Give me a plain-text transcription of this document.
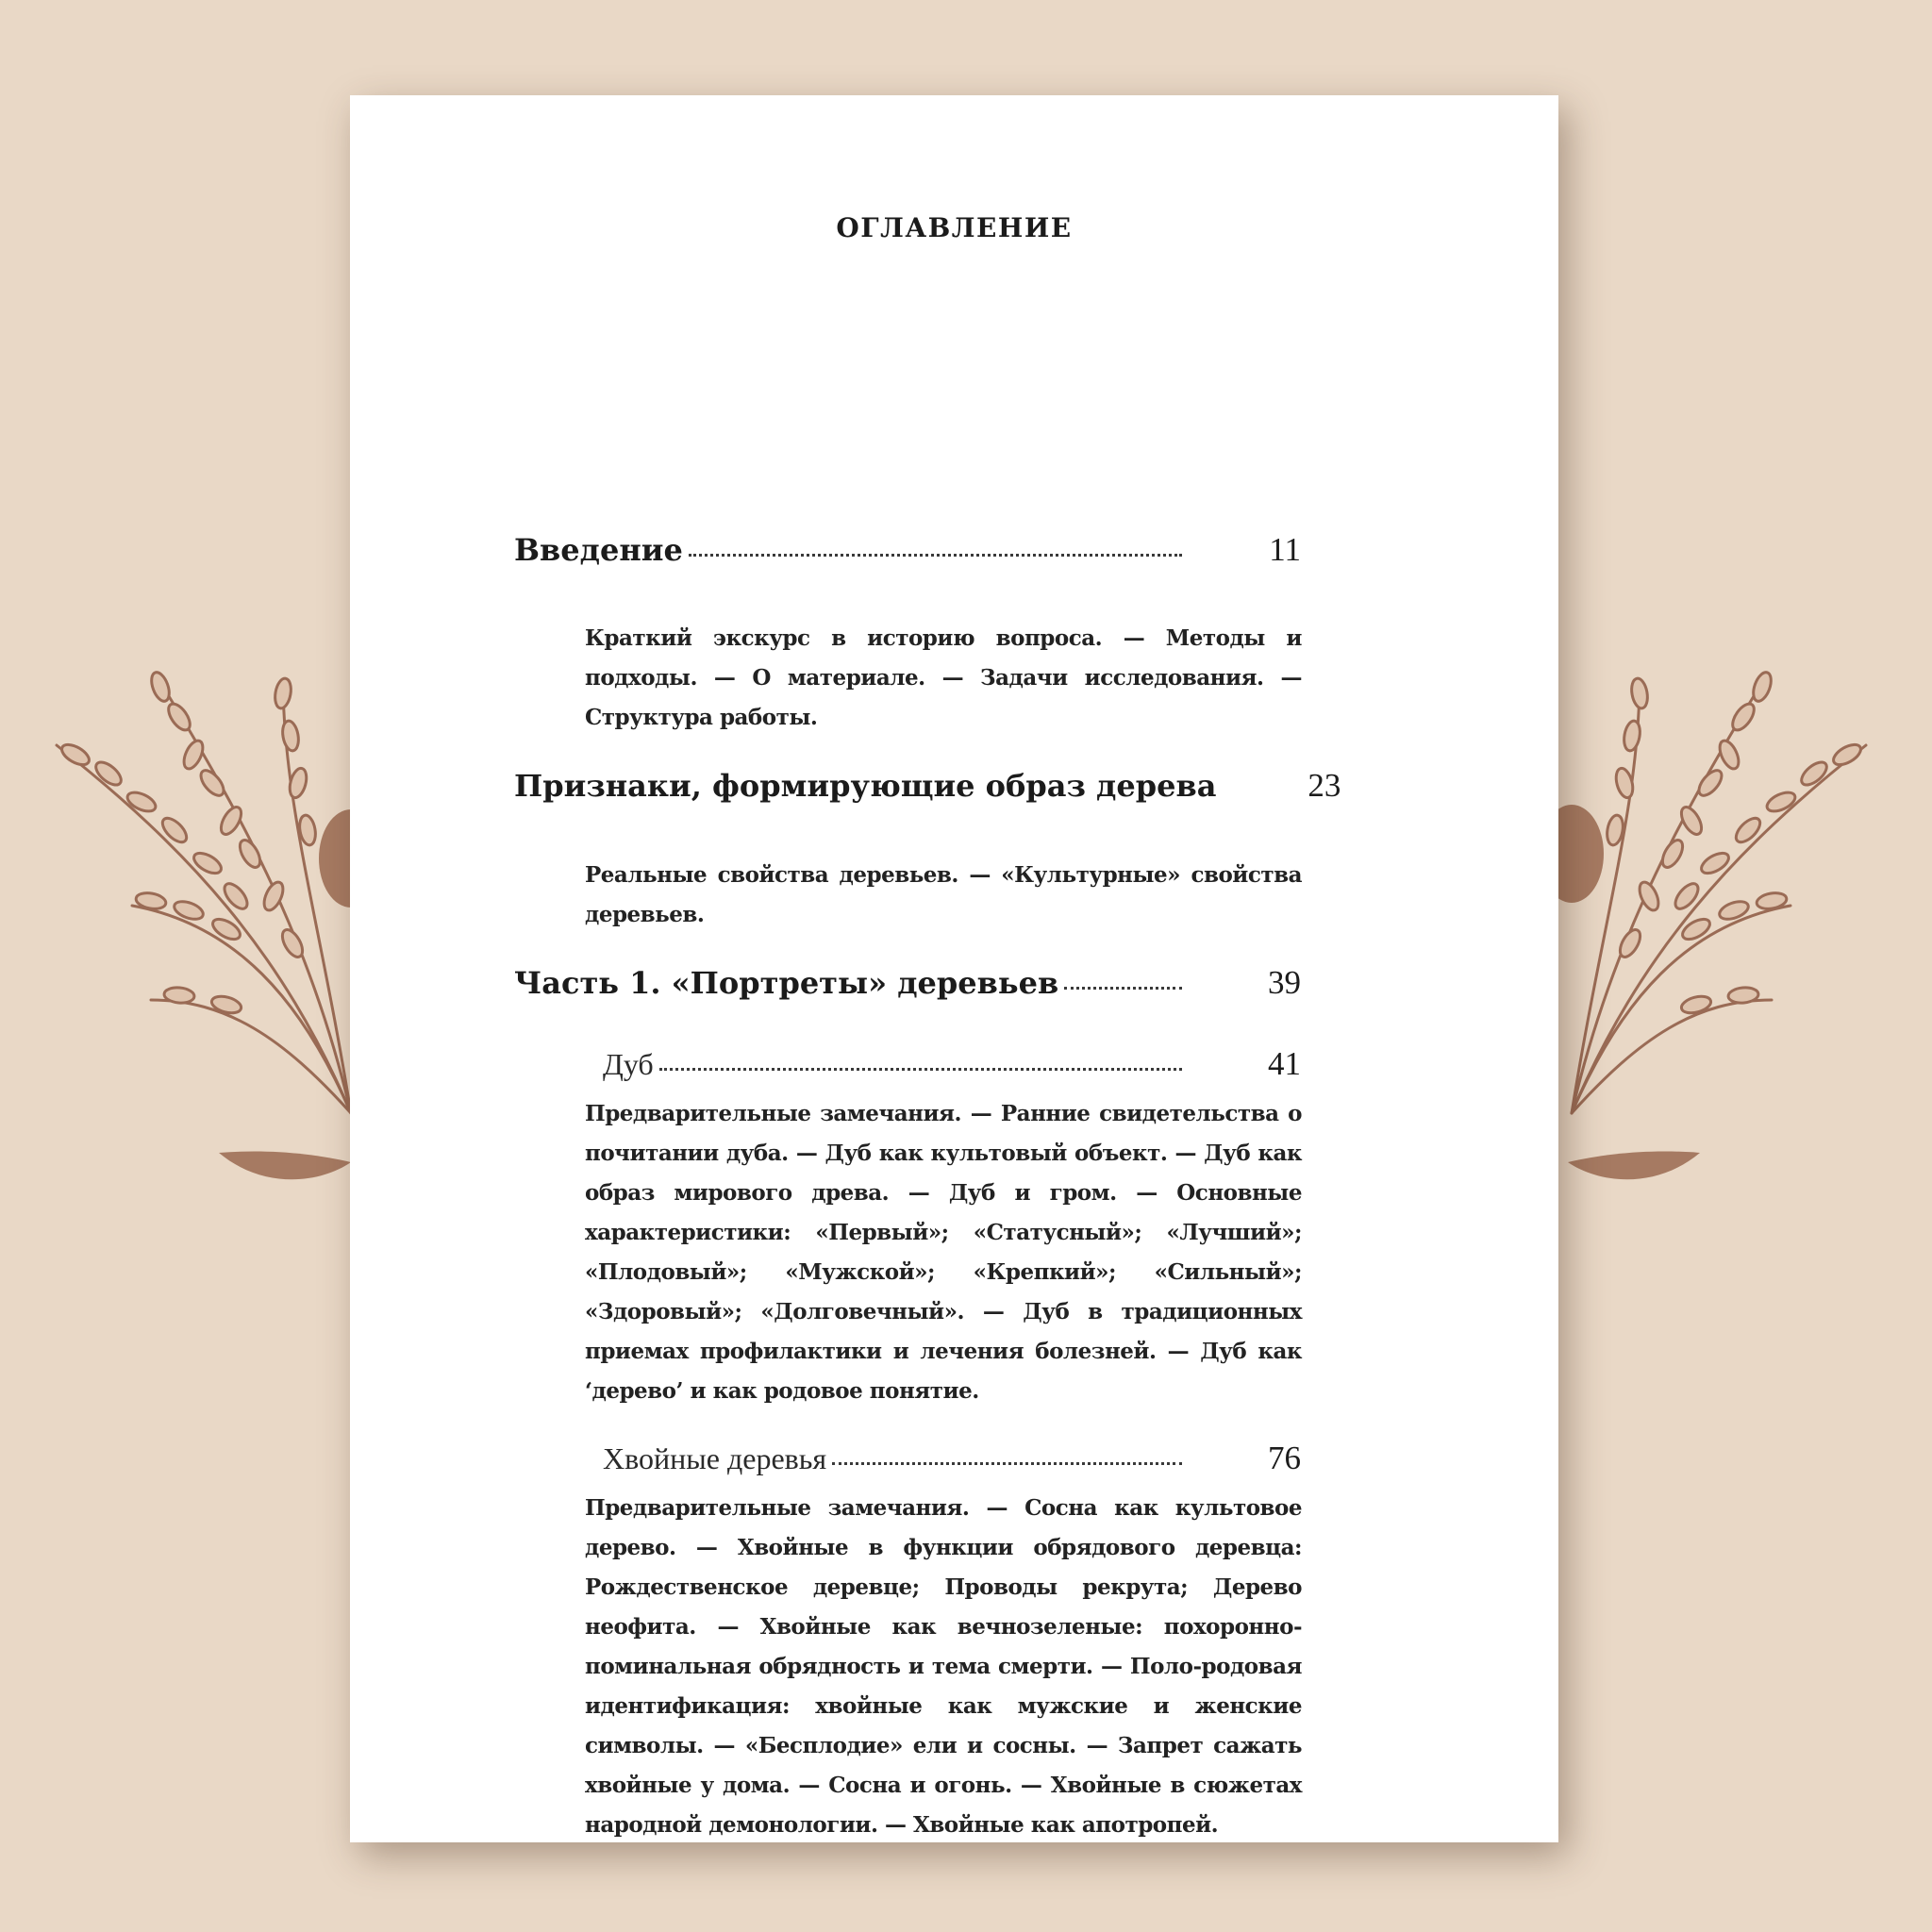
ОГЛАВЛЕНИЕ
Введение	11

Краткий экскурс в историю вопроса. — Методы и подходы. — О материале. — Задачи исследования. — Структура работы.

Признаки, формирующие образ дерева	23

Реальные свойства деревьев. — «Культурные» свойства деревьев.

Часть 1. «Портреты» деревьев	39
Дуб	41

Предварительные замечания. — Ранние свидетельства о почитании дуба. — Дуб как культовый объект. — Дуб как образ мирового древа. — Дуб и гром. — Основные характеристики: «Первый»; «Статусный»; «Лучший»; «Плодовый»; «Мужской»; «Крепкий»; «Сильный»; «Здоровый»; «Долговечный». — Дуб в традиционных приемах профилактики и лечения болезней. — Дуб как ‘дерево’ и как родовое понятие.

Хвойные деревья	76

Предварительные замечания. — Сосна как культовое дерево. — Хвойные в функции обрядового деревца: Рождественское деревце; Проводы рекрута; Дерево неофита. — Хвойные как вечнозеленые: похоронно-поминальная обрядность и тема смерти. — Поло-родовая идентификация: хвойные как мужские и женские символы. — «Бесплодие» ели и сосны. — Запрет сажать хвойные у дома. — Сосна и огонь. — Хвойные в сюжетах народной демонологии. — Хвойные как апотропей.
